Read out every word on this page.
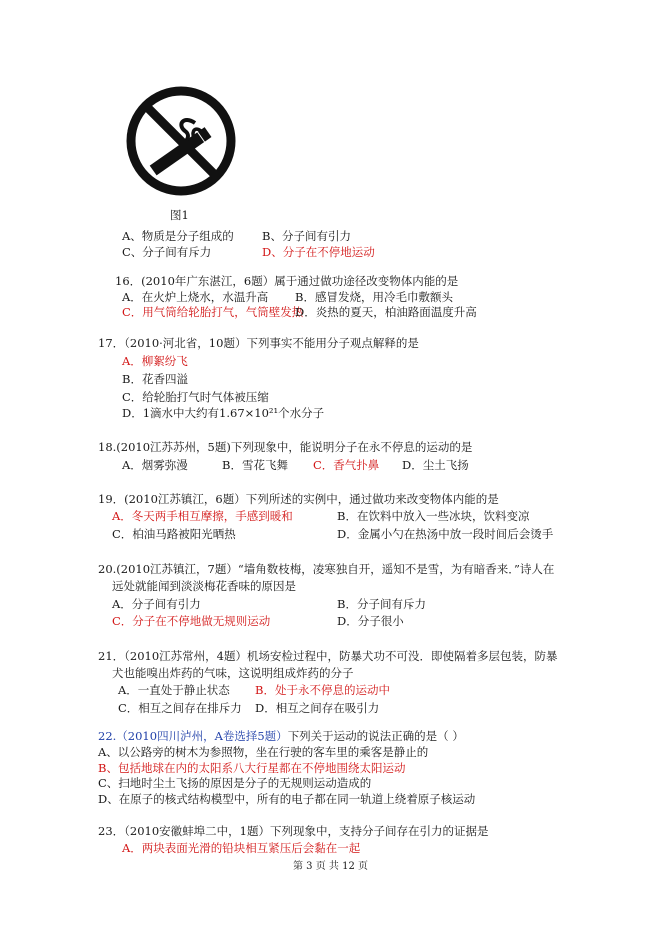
图1
A、物质是分子组成的 B、分子间有引力
C、分子间有斥力	D、分子在不停地运动
16．(2010年广东湛江，6题）属于通过做功途径改变物体内能的是
A．在火炉上烧水，水温升高 B．感冒发烧，用冷毛巾敷额头
C．用气筒给轮胎打气，气筒壁发热
D．炎热的夏天，柏油路面温度升高
17．（2010·河北省，10题）下列事实不能用分子观点解释的是
A．柳絮纷飞
B．花香四溢
C．给轮胎打气时气体被压缩
D．1滴水中大约有1.67×10²¹个水分子
18.(2010江苏苏州，5题)下列现象中，能说明分子在永不停息的运动的是
A．烟雾弥漫	B．雪花飞舞 C．香气扑鼻 D．尘土飞扬
19．(2010江苏镇江，6题）下列所述的实例中，通过做功来改变物体内能的是
A．冬天两手相互摩擦，手感到暖和	B．在饮料中放入一些冰块，饮料变凉
C．柏油马路被阳光晒热	D．金属小勺在热汤中放一段时间后会烫手
20.(2010江苏镇江，7题）“墙角数枝梅，凌寒独自开，遥知不是雪，为有暗香来．”诗人在
远处就能闻到淡淡梅花香味的原因是
A．分子间有引力	B．分子间有斥力
C．分子在不停地做无规则运动	D．分子很小
21．（2010江苏常州，4题）机场安检过程中，防暴犬功不可没．即使隔着多层包装，防暴
犬也能嗅出炸药的气味，这说明组成炸药的分子
A．一直处于静止状态 B．处于永不停息的运动中
C．相互之间存在排斥力 D．相互之间存在吸引力
22.（2010四川泸州，A卷选择5题）下列关于运动的说法正确的是（ ）
A、以公路旁的树木为参照物，坐在行驶的客车里的乘客是静止的
B、包括地球在内的太阳系八大行星都在不停地围绕太阳运动
C、扫地时尘土飞扬的原因是分子的无规则运动造成的
D、在原子的核式结构模型中，所有的电子都在同一轨道上绕着原子核运动
23．（2010安徽蚌埠二中，1题）下列现象中，支持分子间存在引力的证据是
A．两块表面光滑的铅块相互紧压后会黏在一起
第 3 页 共 12 页
